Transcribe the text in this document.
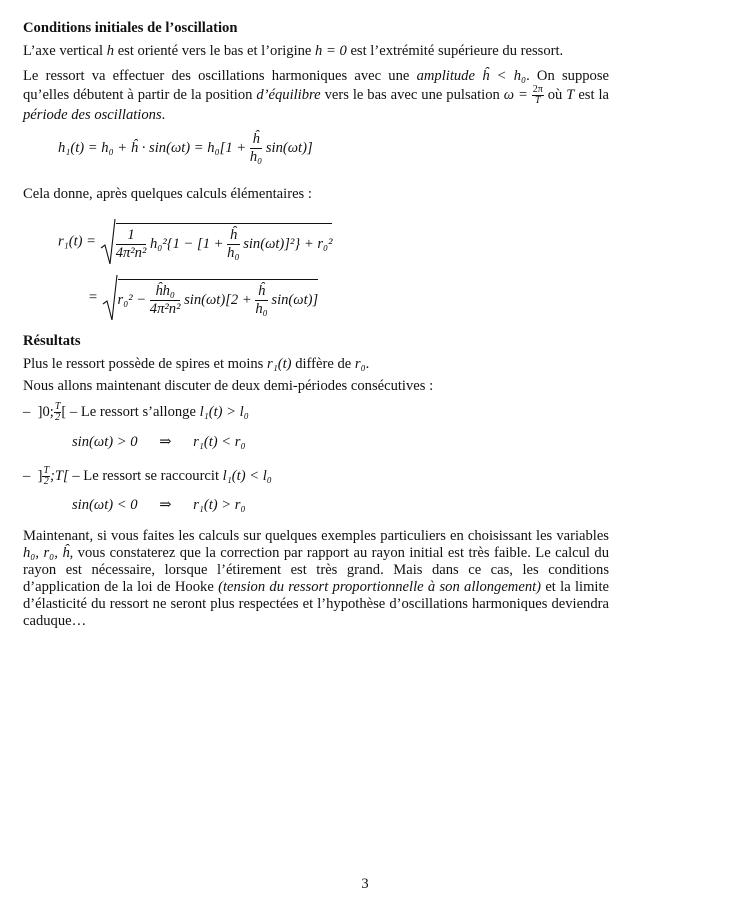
Conditions initiales de l’oscillation
L’axe vertical h est orienté vers le bas et l’origine h = 0 est l’extrémité supérieure du ressort.
Le ressort va effectuer des oscillations harmoniques avec une amplitude ĥ < h₀. On suppose qu’elles débutent à partir de la position d’équilibre vers le bas avec une pulsation $\omega = \frac{2\pi}{T}$ où T est la période des oscillations.
h₁(t) = h₀ + ĥ · $\sin(\omega t) = h_0[1 + \frac{ĥ}{\text{h₀}} \sin(\omega t)]$
Cela donne, après quelques calculs élémentaires :
$r_1(t) = \frac{1}{\text{4π²n²}} h_0^2\{1 - [1 + \frac{ĥ}{\text{h₀}} \sin(\omega t)]^2\} + r_0^2$
= $r_0^2 - \frac{\text{ĥh₀}}{\text{4π²n²}} \sin(\omega t)[2 + \frac{ĥ}{\text{h₀}} \sin(\omega t)]$
Résultats
Plus le ressort possède de spires et moins r₁(t) diffère de r₀.
Nous allons maintenant discuter de deux demi-périodes consécutives :
– ]0; $\frac{T}{2}$ [ – Le ressort s’allonge l₁(t) > l₀
sin(ωt) > 0 ⇒ r₁(t) < r₀
– ] $\frac{T}{2}$ ;T[ – Le ressort se raccourcit l₁(t) < l₀
sin(ωt) < 0 ⇒ r₁(t) > r₀
Maintenant, si vous faites les calculs sur quelques exemples particuliers en choisissant les variables h₀, r₀, ĥ, vous constaterez que la correction par rapport au rayon initial est très faible. Le calcul du rayon est nécessaire, lorsque l’étirement est très grand. Mais dans ce cas, les conditions d’application de la loi de Hooke (tension du ressort proportionnelle à son allongement) et la limite d’élasticité du ressort ne seront plus respectées et l’hypothèse d’oscillations harmoniques deviendra caduque…
3
